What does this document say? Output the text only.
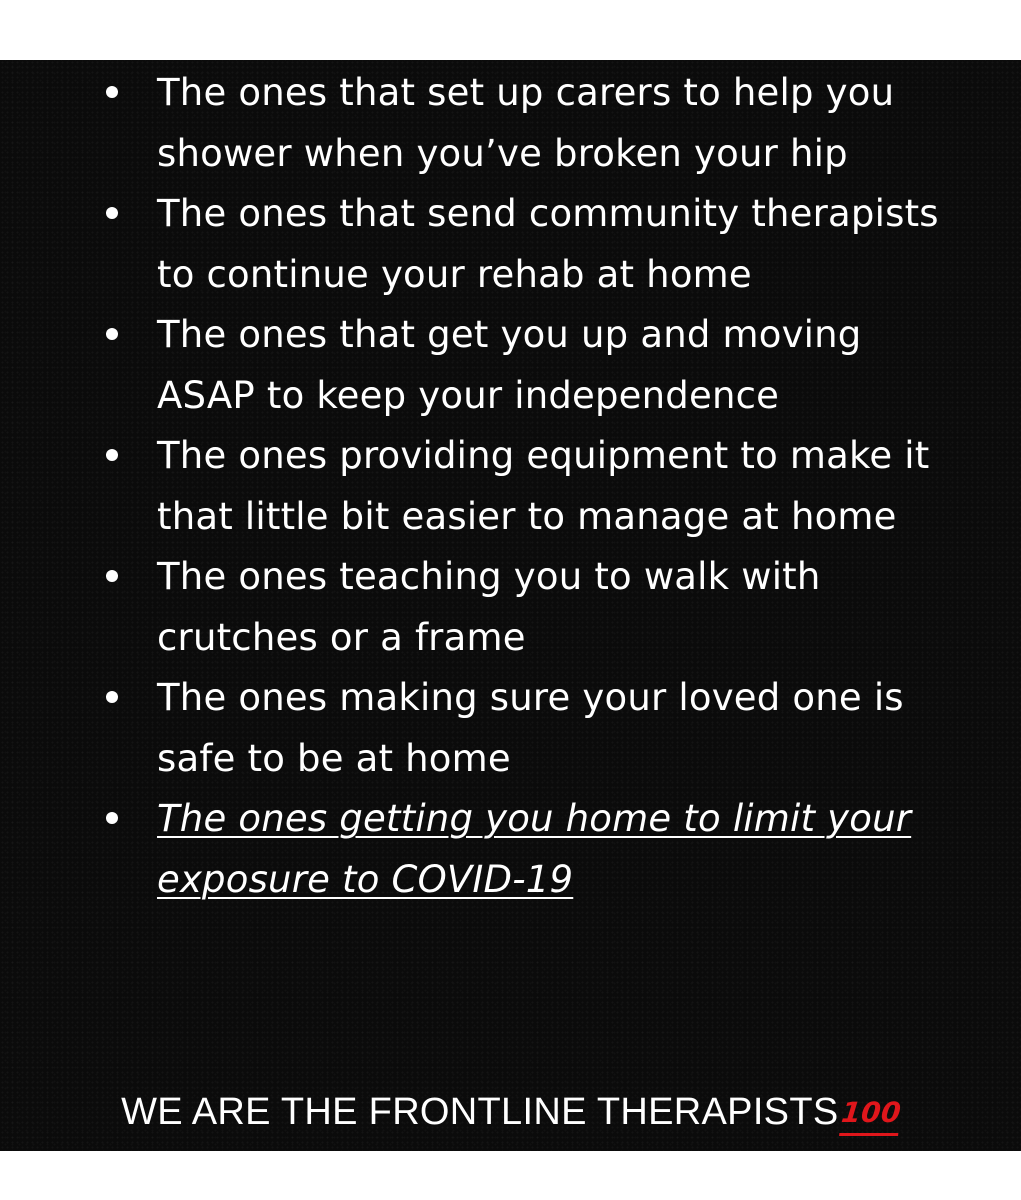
The ones that set up carers to help you shower when you’ve broken your hip
The ones that send community therapists to continue your rehab at home
The ones that get you up and moving ASAP to keep your independence
The ones providing equipment to make it that little bit easier to manage at home
The ones teaching you to walk with crutches or a frame
The ones making sure your loved one is safe to be at home
The ones getting you home to limit your exposure to COVID-19
WE ARE THE FRONTLINE THERAPISTS100
